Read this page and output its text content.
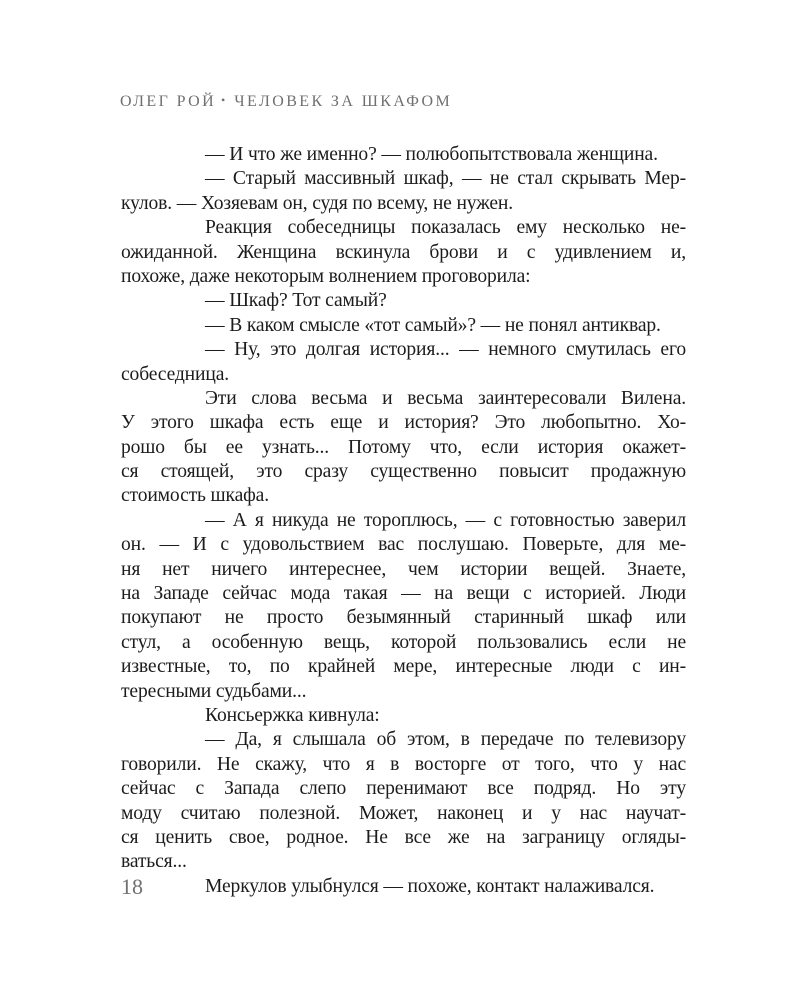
ОЛЕГ РОЙ • ЧЕЛОВЕК ЗА ШКАФОМ
— И что же именно? — полюбопытствовала женщина.
— Старый массивный шкаф, — не стал скрывать Мер-
кулов. — Хозяевам он, судя по всему, не нужен.
Реакция собеседницы показалась ему несколько не-
ожиданной. Женщина вскинула брови и с удивлением и,
похоже, даже некоторым волнением проговорила:
— Шкаф? Тот самый?
— В каком смысле «тот самый»? — не понял антиквар.
— Ну, это долгая история... — немного смутилась его
собеседница.
Эти слова весьма и весьма заинтересовали Вилена.
У этого шкафа есть еще и история? Это любопытно. Хо-
рошо бы ее узнать... Потому что, если история окажет-
ся стоящей, это сразу существенно повысит продажную
стоимость шкафа.
— А я никуда не тороплюсь, — с готовностью заверил
он. — И с удовольствием вас послушаю. Поверьте, для ме-
ня нет ничего интереснее, чем истории вещей. Знаете,
на Западе сейчас мода такая — на вещи с историей. Люди
покупают не просто безымянный старинный шкаф или
стул, а особенную вещь, которой пользовались если не
известные, то, по крайней мере, интересные люди с ин-
тересными судьбами...
Консьержка кивнула:
— Да, я слышала об этом, в передаче по телевизору
говорили. Не скажу, что я в восторге от того, что у нас
сейчас с Запада слепо перенимают все подряд. Но эту
моду считаю полезной. Может, наконец и у нас научат-
ся ценить свое, родное. Не все же на заграницу огляды-
ваться...
Меркулов улыбнулся — похоже, контакт налаживался.
18
